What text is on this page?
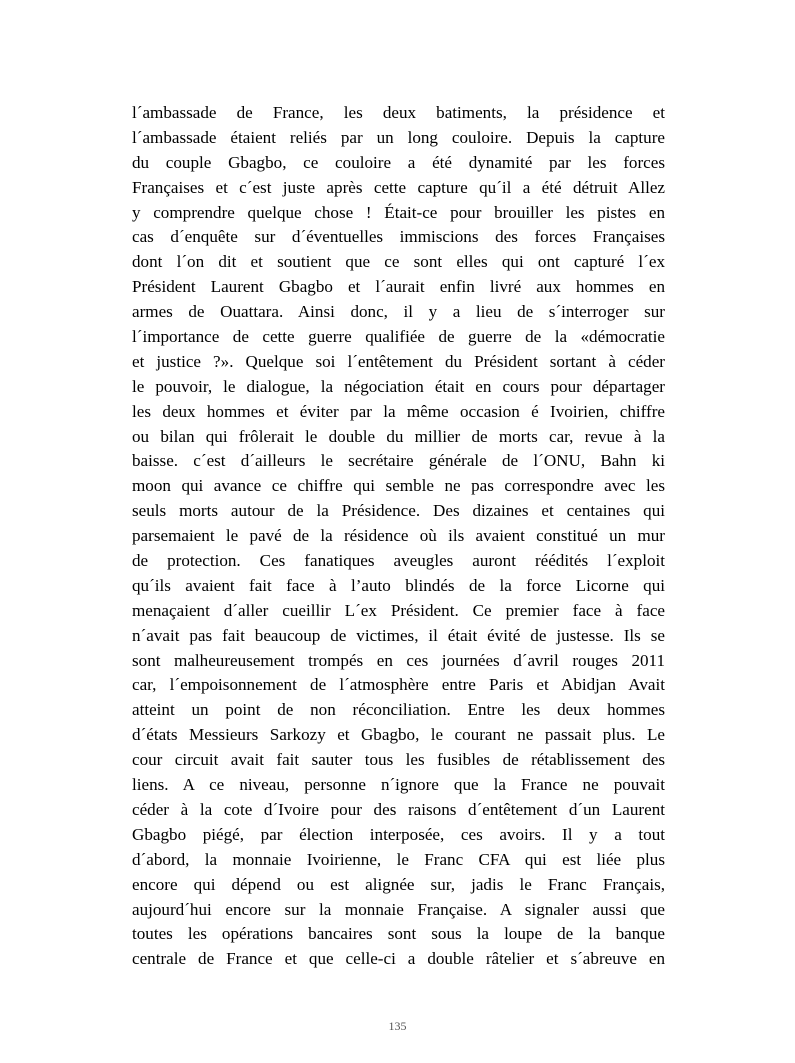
l´ambassade de France, les deux batiments, la présidence et
l´ambassade étaient reliés par un long couloire. Depuis la capture
du couple Gbagbo, ce couloire a été dynamité par les forces
Françaises et c´est juste après cette capture qu´il a été détruit Allez
y comprendre quelque chose ! Était-ce pour brouiller les pistes en
cas d´enquête sur d´éventuelles immiscions des forces Françaises
dont l´on dit et soutient que ce sont elles qui ont capturé l´ex
Président Laurent Gbagbo et l´aurait enfin livré aux hommes en
armes de Ouattara. Ainsi donc, il y a lieu de s´interroger sur
l´importance de cette guerre qualifiée de guerre de la «démocratie
et justice ?». Quelque soi l´entêtement du Président sortant à céder
le pouvoir, le dialogue, la négociation était en cours pour départager
les deux hommes et éviter par la même occasion é Ivoirien, chiffre
ou bilan qui frôlerait le double du millier de morts car, revue à la
baisse. c´est d´ailleurs le secrétaire générale de l´ONU, Bahn ki
moon qui avance ce chiffre qui semble ne pas correspondre avec les
seuls morts autour de la Présidence. Des dizaines et centaines qui
parsemaient le pavé de la résidence où ils avaient constitué un mur
de protection. Ces fanatiques aveugles auront réédités l´exploit
qu´ils avaient fait face à l’auto blindés de la force Licorne qui
menaçaient d´aller cueillir L´ex Président. Ce premier face à face
n´avait pas fait beaucoup de victimes, il était évité de justesse. Ils se
sont malheureusement trompés en ces journées d´avril rouges 2011
car, l´empoisonnement de l´atmosphère entre Paris et Abidjan Avait
atteint un point de non réconciliation. Entre les deux hommes
d´états Messieurs Sarkozy et Gbagbo, le courant ne passait plus. Le
cour circuit avait fait sauter tous les fusibles de rétablissement des
liens. A ce niveau, personne n´ignore que la France ne pouvait
céder à la cote d´Ivoire pour des raisons d´entêtement d´un Laurent
Gbagbo piégé, par élection interposée, ces avoirs. Il y a tout
d´abord, la monnaie Ivoirienne, le Franc CFA qui est liée plus
encore qui dépend ou est alignée sur, jadis le Franc Français,
aujourd´hui encore sur la monnaie Française. A signaler aussi que
toutes les opérations bancaires sont sous la loupe de la banque
centrale de France et que celle-ci a double râtelier et s´abreuve en
135
